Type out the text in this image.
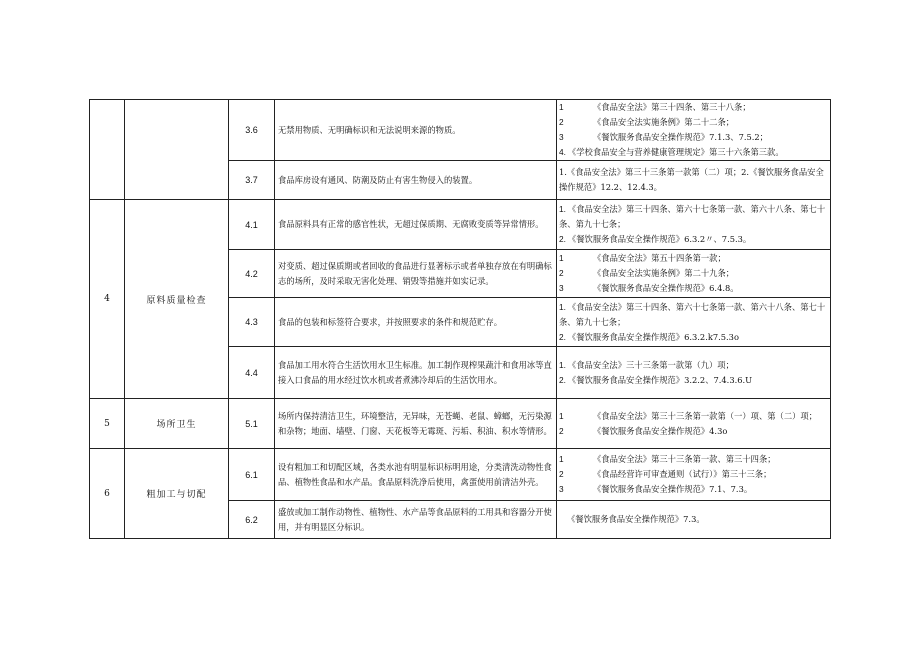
		3.6	无禁用物质、无明确标识和无法说明来源的物质。	1 《食品安全法》第三十四条、第三十八条；
2 《食品安全法实施条例》第二十二条；
3 《餐饮服务食品安全操作规范》7.1.3、7.5.2；
4. 《学校食品安全与营养健康管理规定》第三十六条第三款。

		3.7	食品库房设有通风、防潮及防止有害生物侵入的装置。	1.《食品安全法》第三十三条第一款第（二）项；2.《餐饮服务食品安全操作规范》12.2、12.4.3。
4	原料质量检查	4.1	食品原料具有正常的感官性状，无超过保质期、无腐败变质等异常情形。	1. 《食品安全法》第三十四条、第六十七条第一款、第六十八条、第七十条、第九十七条；
2. 《餐饮服务食品安全操作规范》6.3.2〃、7.5.3。

		4.2	对变质、超过保质期或者回收的食品进行显著标示或者单独存放在有明确标志的场所，及时采取无害化处理、销毁等措施并如实记录。	1 《食品安全法》第五十四条第一款；
2 《食品安全法实施条例》第二十九条；
3 《餐饮服务食品安全操作规范》6.4.8。

		4.3	食品的包装和标签符合要求，并按照要求的条件和规范贮存。	1. 《食品安全法》第三十四条、第六十七条第一款、第六十八条、第七十条、第九十七条；
2. 《餐饮服务食品安全操作规范》6.3.2.k7.5.3o

		4.4	食品加工用水符合生活饮用水卫生标准。加工制作现榨果蔬汁和食用冰等直接入口食品的用水经过饮水机或者煮沸冷却后的生活饮用水。	1. 《食品安全法》三十三条第一款第（九）项；
2. 《餐饮服务食品安全操作规范》3.2.2、7.4.3.6.U

5	场所卫生	5.1	场所内保持清洁卫生，环境整洁，无异味，无苍蝇、老鼠、蟑螂，无污染源和杂物；地面、墙壁、门窗、天花板等无霉斑、污垢、积油、积水等情形。	1 《食品安全法》第三十三条第一款第（一）项、第（二）项；
2 《餐饮服务食品安全操作规范》4.3o

6	粗加工与切配	6.1	设有粗加工和切配区域，各类水池有明显标识标明用途，分类清洗动物性食品、植物性食品和水产品。食品原料洗净后使用，禽蛋使用前清洁外壳。	1 《食品安全法》第三十三条第一款、第三十四条；
2 《食品经营许可审查通则（试行）》第三十三条；
3 《餐饮服务食品安全操作规范》7.1、7.3。

		6.2	盛放或加工制作动物性、植物性、水产品等食品原料的工用具和容器分开使用，并有明显区分标识。	《餐饮服务食品安全操作规范》7.3。
